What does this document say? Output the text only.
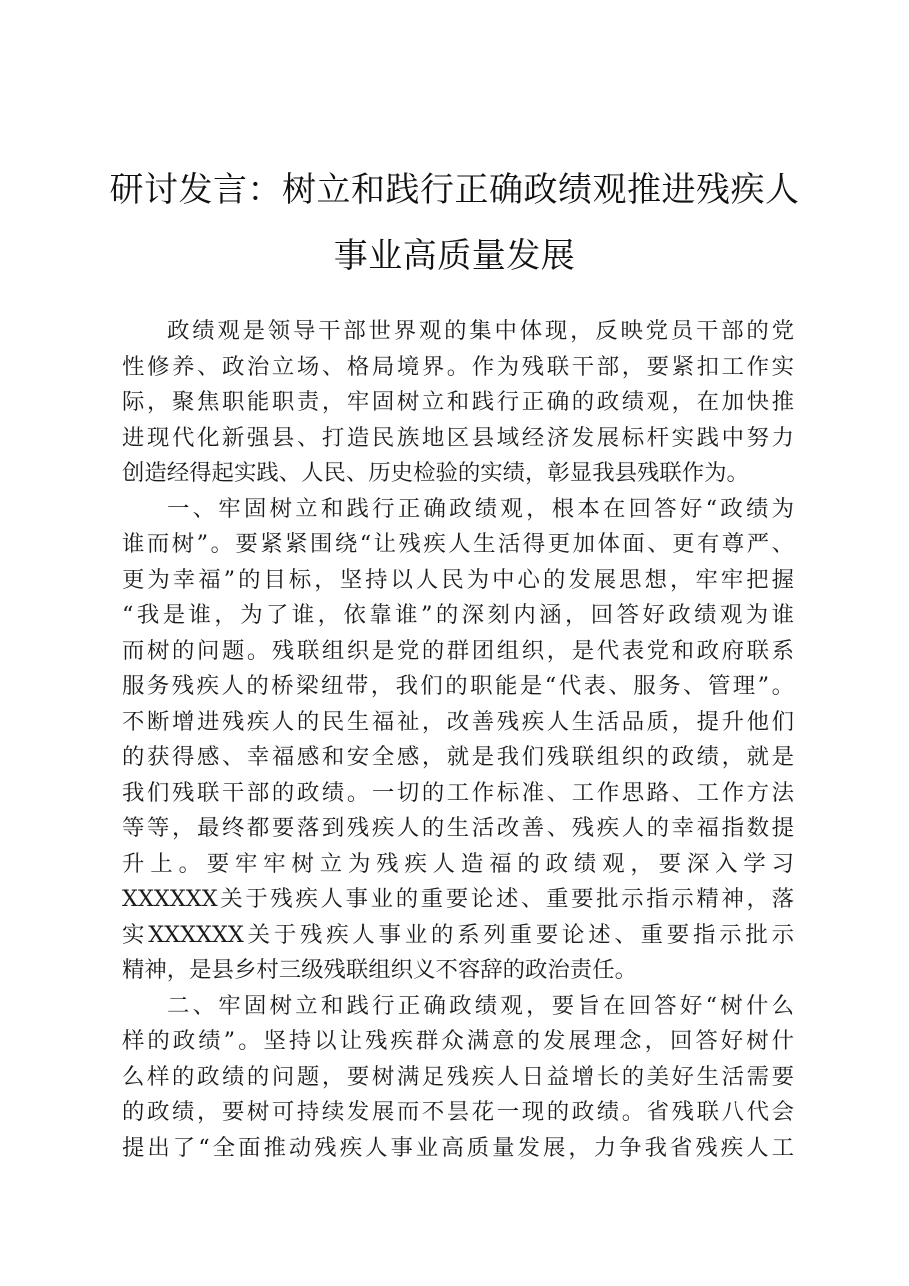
研讨发言：树立和践行正确政绩观推进残疾人
事业高质量发展
政绩观是领导干部世界观的集中体现，反映党员干部的党
性修养、政治立场、格局境界。作为残联干部，要紧扣工作实
际，聚焦职能职责，牢固树立和践行正确的政绩观，在加快推
进现代化新强县、打造民族地区县域经济发展标杆实践中努力
创造经得起实践、人民、历史检验的实绩，彰显我县残联作为。
一、牢固树立和践行正确政绩观，根本在回答好“政绩为
谁而树”。要紧紧围绕“让残疾人生活得更加体面、更有尊严、
更为幸福”的目标，坚持以人民为中心的发展思想，牢牢把握
“我是谁，为了谁，依靠谁”的深刻内涵，回答好政绩观为谁
而树的问题。残联组织是党的群团组织，是代表党和政府联系
服务残疾人的桥梁纽带，我们的职能是“代表、服务、管理”。
不断增进残疾人的民生福祉，改善残疾人生活品质，提升他们
的获得感、幸福感和安全感，就是我们残联组织的政绩，就是
我们残联干部的政绩。一切的工作标准、工作思路、工作方法
等等，最终都要落到残疾人的生活改善、残疾人的幸福指数提
升上。要牢牢树立为残疾人造福的政绩观，要深入学习
XXXXXX关于残疾人事业的重要论述、重要批示指示精神，落
实XXXXXX关于残疾人事业的系列重要论述、重要指示批示
精神，是县乡村三级残联组织义不容辞的政治责任。
二、牢固树立和践行正确政绩观，要旨在回答好“树什么
样的政绩”。坚持以让残疾群众满意的发展理念，回答好树什
么样的政绩的问题，要树满足残疾人日益增长的美好生活需要
的政绩，要树可持续发展而不昙花一现的政绩。省残联八代会
提出了“全面推动残疾人事业高质量发展，力争我省残疾人工
